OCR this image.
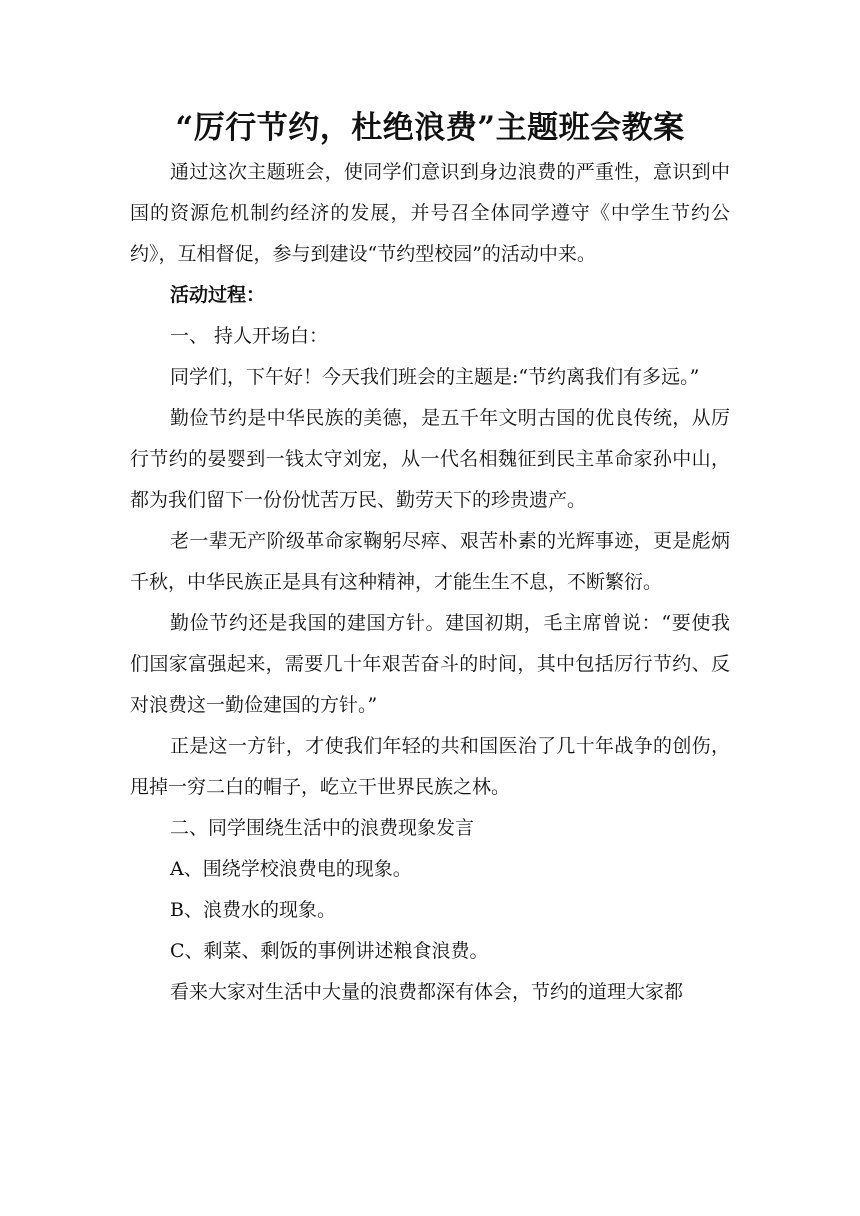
“厉行节约，杜绝浪费”主题班会教案

通过这次主题班会，使同学们意识到身边浪费的严重性，意识到中国的资源危机制约经济的发展，并号召全体同学遵守《中学生节约公约》，互相督促，参与到建设“节约型校园”的活动中来。

活动过程：

一、 持人开场白：

同学们，下午好！今天我们班会的主题是:“节约离我们有多远。”

勤俭节约是中华民族的美德，是五千年文明古国的优良传统，从厉行节约的晏婴到一钱太守刘宠，从一代名相魏征到民主革命家孙中山，都为我们留下一份份忧苦万民、勤劳天下的珍贵遗产。

老一辈无产阶级革命家鞠躬尽瘁、艰苦朴素的光辉事迹，更是彪炳千秋，中华民族正是具有这种精神，才能生生不息，不断繁衍。

勤俭节约还是我国的建国方针。建国初期，毛主席曾说：“要使我们国家富强起来，需要几十年艰苦奋斗的时间，其中包括厉行节约、反对浪费这一勤俭建国的方针。”

正是这一方针，才使我们年轻的共和国医治了几十年战争的创伤，甩掉一穷二白的帽子，屹立干世界民族之林。

二、同学围绕生活中的浪费现象发言

A、围绕学校浪费电的现象。

B、浪费水的现象。

C、剩菜、剩饭的事例讲述粮食浪费。

看来大家对生活中大量的浪费都深有体会，节约的道理大家都
